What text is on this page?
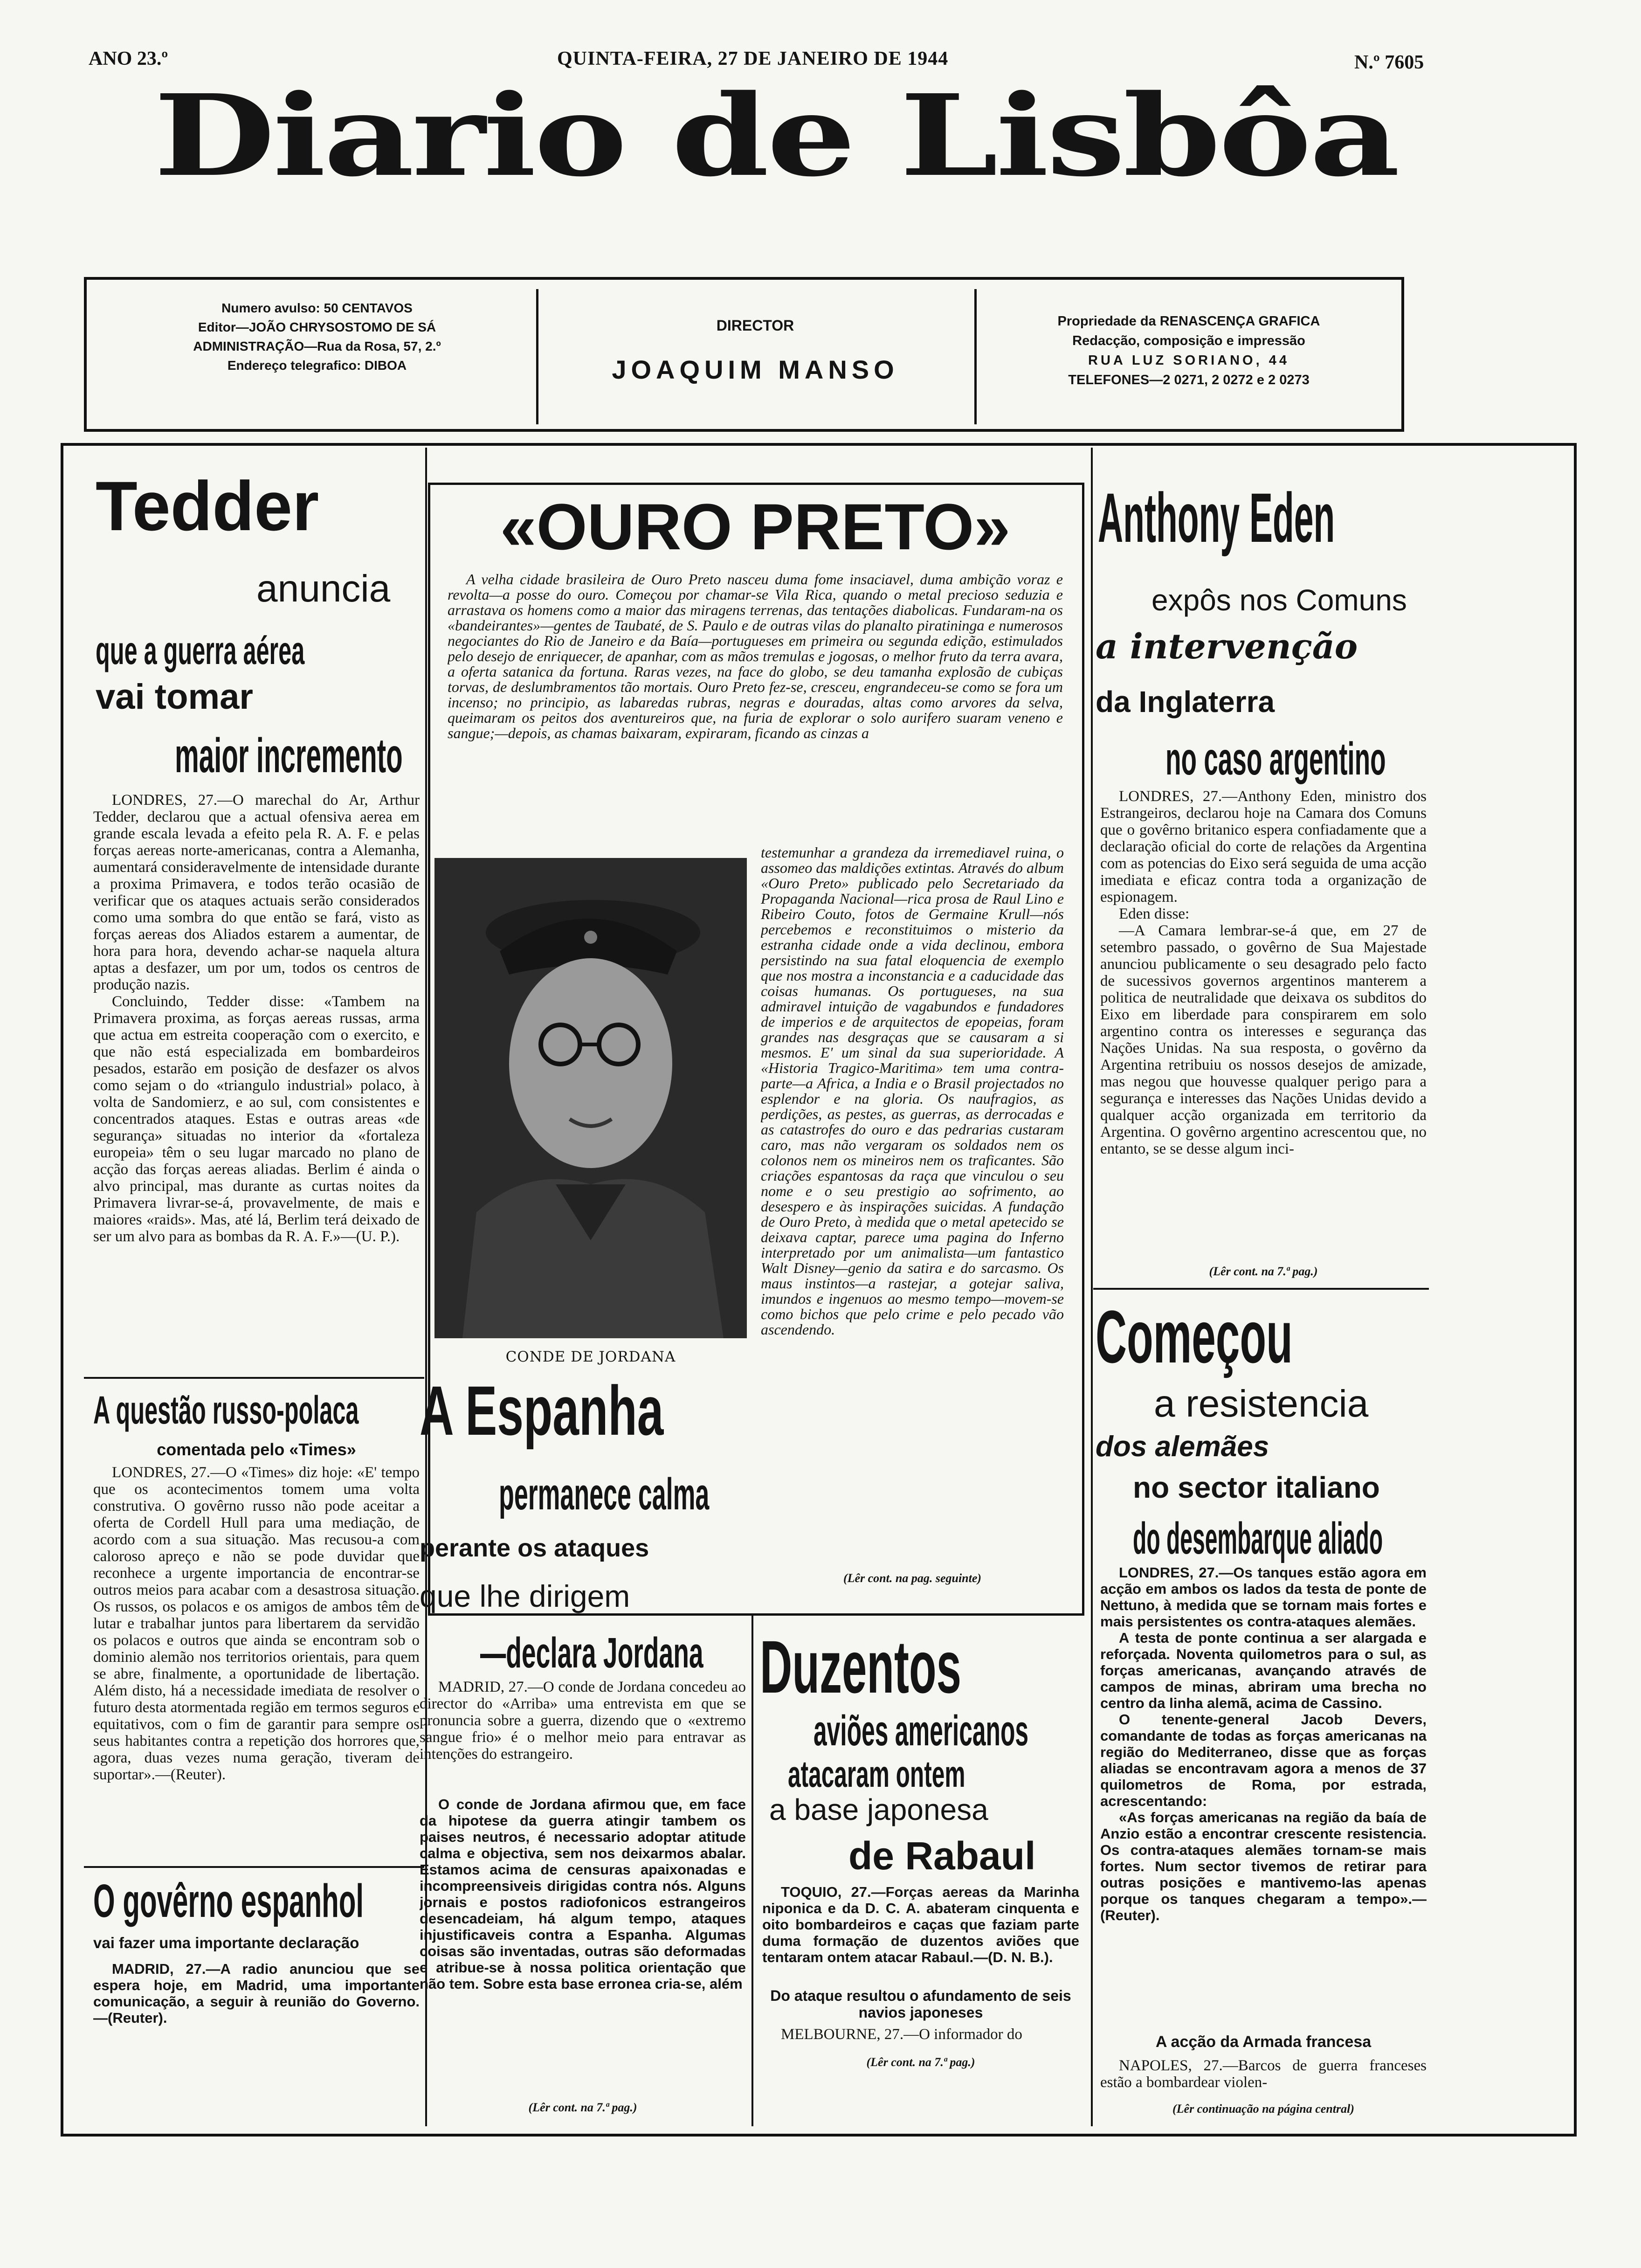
ANO 23.º	QUINTA-FEIRA, 27 DE JANEIRO DE 1944	N.º 7605
Diario de Lisbôa
Numero avulso: 50 CENTAVOS
Editor—JOÃO CHRYSOSTOMO DE SÁ
ADMINISTRAÇÃO—Rua da Rosa, 57, 2.º
Endereço telegrafico: DIBOA
DIRECTOR
JOAQUIM MANSO
Propriedade da RENASCENÇA GRAFICA
Redacção, composição e impressão
RUA LUZ SORIANO, 44
TELEFONES—2 0271, 2 0272 e 2 0273
Tedder
anuncia
que a guerra aérea
vai tomar
maior incremento
LONDRES, 27.—O marechal do Ar, Arthur Tedder, declarou que a actual ofensiva aerea em grande escala levada a efeito pela R. A. F. e pelas forças aereas norte-americanas, contra a Alemanha, aumentará consideravelmente de intensidade durante a proxima Primavera, e todos terão ocasião de verificar que os ataques actuais serão considerados como uma sombra do que então se fará, visto as forças aereas dos Aliados estarem a aumentar, de hora para hora, devendo achar-se naquela altura aptas a desfazer, um por um, todos os centros de produção nazis.
Concluindo, Tedder disse: «Tambem na Primavera proxima, as forças aereas russas, arma que actua em estreita cooperação com o exercito, e que não está especializada em bombardeiros pesados, estarão em posição de desfazer os alvos como sejam o do «triangulo industrial» polaco, à volta de Sandomierz, e ao sul, com consistentes e concentrados ataques. Estas e outras areas «de segurança» situadas no interior da «fortaleza europeia» têm o seu lugar marcado no plano de acção das forças aereas aliadas. Berlim é ainda o alvo principal, mas durante as curtas noites da Primavera livrar-se-á, provavelmente, de mais e maiores «raids». Mas, até lá, Berlim terá deixado de ser um alvo para as bombas da R. A. F.»—(U. P.).
A questão russo-polaca
comentada pelo «Times»
LONDRES, 27.—O «Times» diz hoje: «E' tempo que os acontecimentos tomem uma volta construtiva. O govêrno russo não pode aceitar a oferta de Cordell Hull para uma mediação, de acordo com a sua situação. Mas recusou-a com caloroso apreço e não se pode duvidar que reconhece a urgente importancia de encontrar-se outros meios para acabar com a desastrosa situação. Os russos, os polacos e os amigos de ambos têm de lutar e trabalhar juntos para libertarem da servidão os polacos e outros que ainda se encontram sob o dominio alemão nos territorios orientais, para quem se abre, finalmente, a oportunidade de libertação. Além disto, há a necessidade imediata de resolver o futuro desta atormentada região em termos seguros e equitativos, com o fim de garantir para sempre os seus habitantes contra a repetição dos horrores que, agora, duas vezes numa geração, tiveram de suportar».—(Reuter).
O govêrno espanhol
vai fazer uma importante declaração
MADRID, 27.—A radio anunciou que se espera hoje, em Madrid, uma importante comunicação, a seguir à reunião do Governo.—(Reuter).
«OURO PRETO»
A velha cidade brasileira de Ouro Preto nasceu duma fome insaciavel, duma ambição voraz e revolta—a posse do ouro. Começou por chamar-se Vila Rica, quando o metal precioso seduzia e arrastava os homens como a maior das miragens terrenas, das tentações diabolicas. Fundaram-na os «bandeirantes»—gentes de Taubaté, de S. Paulo e de outras vilas do planalto piratininga e numerosos negociantes do Rio de Janeiro e da Baía—portugueses em primeira ou segunda edição, estimulados pelo desejo de enriquecer, de apanhar, com as mãos tremulas e jogosas, o melhor fruto da terra avara, a oferta satanica da fortuna. Raras vezes, na face do globo, se deu tamanha explosão de cubiças torvas, de deslumbramentos tão mortais. Ouro Preto fez-se, cresceu, engrandeceu-se como se fora um incenso; no principio, as labaredas rubras, negras e douradas, altas como arvores da selva, queimaram os peitos dos aventureiros que, na furia de explorar o solo aurifero suaram veneno e sangue;—depois, as chamas baixaram, expiraram, ficando as cinzas a
testemunhar a grandeza da irremediavel ruina, o assomeo das maldições extintas. Através do album «Ouro Preto» publicado pelo Secretariado da Propaganda Nacional—rica prosa de Raul Lino e Ribeiro Couto, fotos de Germaine Krull—nós percebemos e reconstituimos o misterio da estranha cidade onde a vida declinou, embora persistindo na sua fatal eloquencia de exemplo que nos mostra a inconstancia e a caducidade das coisas humanas. Os portugueses, na sua admiravel intuição de vagabundos e fundadores de imperios e de arquitectos de epopeias, foram grandes nas desgraças que se causaram a si mesmos. E' um sinal da sua superioridade. A «Historia Tragico-Maritima» tem uma contra-parte—a Africa, a India e o Brasil projectados no esplendor e na gloria. Os naufragios, as perdições, as pestes, as guerras, as derrocadas e as catastrofes do ouro e das pedrarias custaram caro, mas não vergaram os soldados nem os colonos nem os mineiros nem os traficantes. São criações espantosas da raça que vinculou o seu nome e o seu prestigio ao sofrimento, ao desespero e às inspirações suicidas. A fundação de Ouro Preto, à medida que o metal apetecido se deixava captar, parece uma pagina do Inferno interpretado por um animalista—um fantastico Walt Disney—genio da satira e do sarcasmo. Os maus instintos—a rastejar, a gotejar saliva, imundos e ingenuos ao mesmo tempo—movem-se como bichos que pelo crime e pelo pecado vão ascendendo.
(Lêr cont. na pag. seguinte)
CONDE DE JORDANA
A Espanha
permanece calma
perante os ataques
que lhe dirigem
—declara Jordana
MADRID, 27.—O conde de Jordana concedeu ao director do «Arriba» uma entrevista em que se pronuncia sobre a guerra, dizendo que o «extremo sangue frio» é o melhor meio para entravar as intenções do estrangeiro.
O conde de Jordana afirmou que, em face da hipotese da guerra atingir tambem os paises neutros, é necessario adoptar atitude calma e objectiva, sem nos deixarmos abalar. Estamos acima de censuras apaixonadas e incompreensiveis dirigidas contra nós. Alguns jornais e postos radiofonicos estrangeiros desencadeiam, há algum tempo, ataques injustificaveis contra a Espanha. Algumas coisas são inventadas, outras são deformadas e atribue-se à nossa politica orientação que não tem. Sobre esta base erronea cria-se, além
(Lêr cont. na 7.ª pag.)
Duzentos
aviões americanos
atacaram ontem
a base japonesa
de Rabaul
TOQUIO, 27.—Forças aereas da Marinha niponica e da D. C. A. abateram cinquenta e oito bombardeiros e caças que faziam parte duma formação de duzentos aviões que tentaram ontem atacar Rabaul.—(D. N. B.).
Do ataque resultou o afundamento de seis navios japoneses
MELBOURNE, 27.—O informador do
(Lêr cont. na 7.ª pag.)
Anthony Eden
expôs nos Comuns
a intervenção
da Inglaterra
no caso argentino
LONDRES, 27.—Anthony Eden, ministro dos Estrangeiros, declarou hoje na Camara dos Comuns que o govêrno britanico espera confiadamente que a declaração oficial do corte de relações da Argentina com as potencias do Eixo será seguida de uma acção imediata e eficaz contra toda a organização de espionagem.
Eden disse:
—A Camara lembrar-se-á que, em 27 de setembro passado, o govêrno de Sua Majestade anunciou publicamente o seu desagrado pelo facto de sucessivos governos argentinos manterem a politica de neutralidade que deixava os subditos do Eixo em liberdade para conspirarem em solo argentino contra os interesses e segurança das Nações Unidas. Na sua resposta, o govêrno da Argentina retribuiu os nossos desejos de amizade, mas negou que houvesse qualquer perigo para a segurança e interesses das Nações Unidas devido a qualquer acção organizada em territorio da Argentina. O govêrno argentino acrescentou que, no entanto, se se desse algum inci-
(Lêr cont. na 7.ª pag.)
Começou
a resistencia
dos alemães
no sector italiano
do desembarque aliado
LONDRES, 27.—Os tanques estão agora em acção em ambos os lados da testa de ponte de Nettuno, à medida que se tornam mais fortes e mais persistentes os contra-ataques alemães.
A testa de ponte continua a ser alargada e reforçada. Noventa quilometros para o sul, as forças americanas, avançando através de campos de minas, abriram uma brecha no centro da linha alemã, acima de Cassino.
O tenente-general Jacob Devers, comandante de todas as forças americanas na região do Mediterraneo, disse que as forças aliadas se encontravam agora a menos de 37 quilometros de Roma, por estrada, acrescentando:
«As forças americanas na região da baía de Anzio estão a encontrar crescente resistencia. Os contra-ataques alemães tornam-se mais fortes. Num sector tivemos de retirar para outras posições e mantivemo-las apenas porque os tanques chegaram a tempo».—(Reuter).
A acção da Armada francesa
NAPOLES, 27.—Barcos de guerra franceses estão a bombardear violen-
(Lêr continuação na página central)
